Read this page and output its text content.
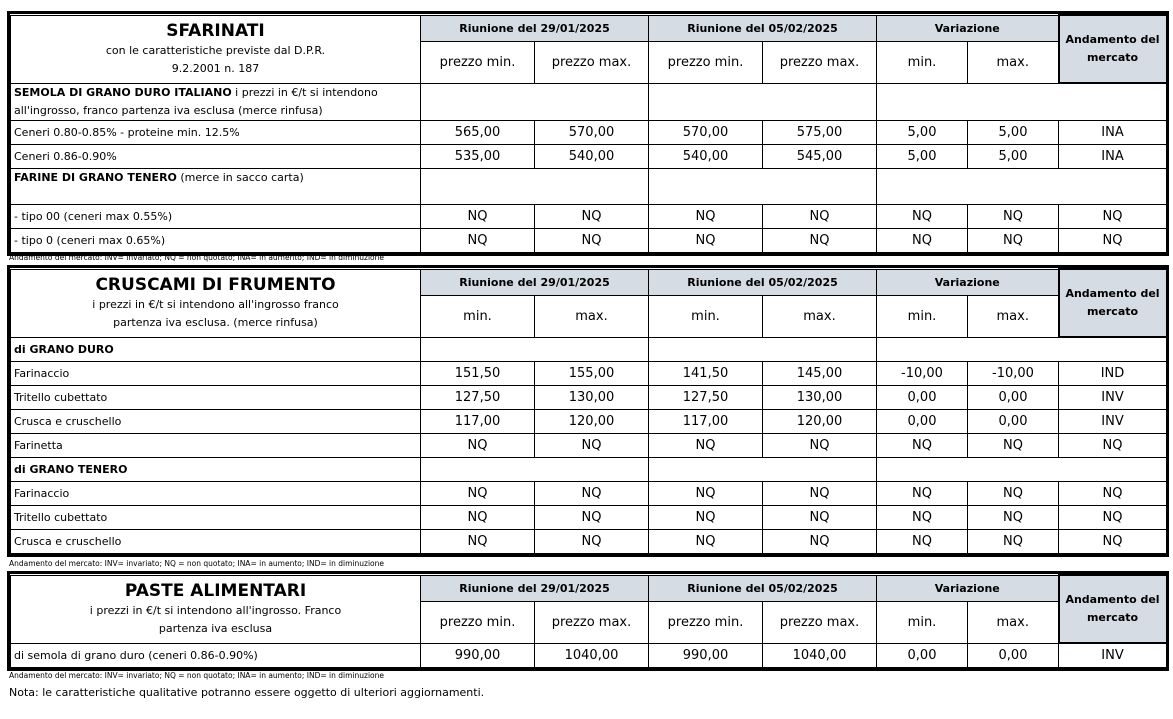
SFARINATI
con le caratteristiche previste dal D.P.R.
9.2.2001 n. 187	Riunione del 29/01/2025		Riunione del 05/02/2025		Variazione		Andamento del mercato
	prezzo min.	prezzo max.	prezzo min.	prezzo max.	min.	max.	
SEMOLA DI GRANO DURO ITALIANO i prezzi in €/t si intendono
all'ingrosso, franco partenza iva esclusa (merce rinfusa)							
Ceneri 0.80-0.85% - proteine min. 12.5%	565,00	570,00	570,00	575,00	5,00	5,00	INA
Ceneri 0.86-0.90%	535,00	540,00	540,00	545,00	5,00	5,00	INA
FARINE DI GRANO TENERO (merce in sacco carta)							
- tipo 00 (ceneri max 0.55%)	NQ	NQ	NQ	NQ	NQ	NQ	NQ
- tipo 0 (ceneri max 0.65%)	NQ	NQ	NQ	NQ	NQ	NQ	NQ
Andamento del mercato: INV= invariato; NQ = non quotato; INA= in aumento; IND= in diminuzione
CRUSCAMI DI FRUMENTO
i prezzi in €/t si intendono all'ingrosso franco
partenza iva esclusa. (merce rinfusa)	Riunione del 29/01/2025		Riunione del 05/02/2025		Variazione		Andamento del mercato
	min.	max.	min.	max.	min.	max.	
di GRANO DURO							
Farinaccio	151,50	155,00	141,50	145,00	-10,00	-10,00	IND
Tritello cubettato	127,50	130,00	127,50	130,00	0,00	0,00	INV
Crusca e cruschello	117,00	120,00	117,00	120,00	0,00	0,00	INV
Farinetta	NQ	NQ	NQ	NQ	NQ	NQ	NQ
di GRANO TENERO							
Farinaccio	NQ	NQ	NQ	NQ	NQ	NQ	NQ
Tritello cubettato	NQ	NQ	NQ	NQ	NQ	NQ	NQ
Crusca e cruschello	NQ	NQ	NQ	NQ	NQ	NQ	NQ
Andamento del mercato: INV= invariato; NQ = non quotato; INA= in aumento; IND= in diminuzione
PASTE ALIMENTARI
i prezzi in €/t si intendono all'ingrosso. Franco
partenza iva esclusa	Riunione del 29/01/2025		Riunione del 05/02/2025		Variazione		Andamento del mercato
	prezzo min.	prezzo max.	prezzo min.	prezzo max.	min.	max.	
di semola di grano duro (ceneri 0.86-0.90%)	990,00	1040,00	990,00	1040,00	0,00	0,00	INV
Andamento del mercato: INV= invariato; NQ = non quotato; INA= in aumento; IND= in diminuzione
Nota: le caratteristiche qualitative potranno essere oggetto di ulteriori aggiornamenti.
